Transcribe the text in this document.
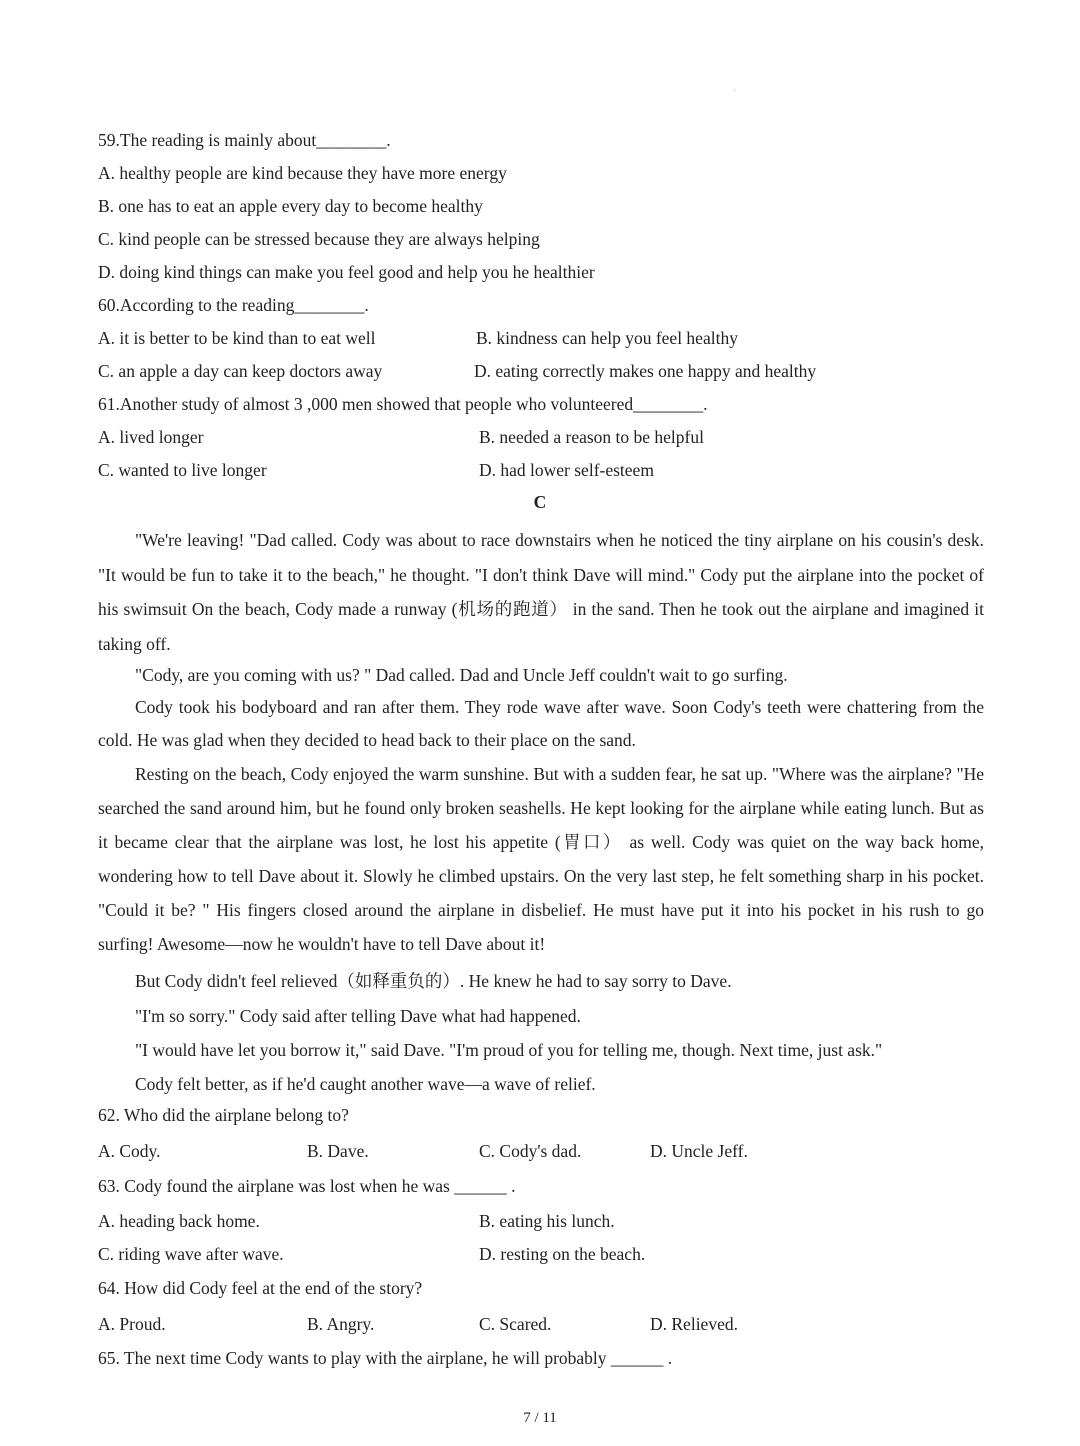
'
59.The reading is mainly about________.
A. healthy people are kind because they have more energy
B. one has to eat an apple every day to become healthy
C. kind people can be stressed because they are always helping
D. doing kind things can make you feel good and help you he healthier
60.According to the reading________.
A. it is better to be kind than to eat well	B. kindness can help you feel healthy
C. an apple a day can keep doctors away	D. eating correctly makes one happy and healthy
61.Another study of almost 3 ,000 men showed that people who volunteered________.
A. lived longer	B. needed a reason to be helpful
C. wanted to live longer	D. had lower self-esteem
C

"We're leaving! "Dad called. Cody was about to race downstairs when he noticed the tiny airplane on his cousin's desk. "It would be fun to take it to the beach," he thought. "I don't think Dave will mind." Cody put the airplane into the pocket of his swimsuit On the beach, Cody made a runway (机场的跑道） in the sand. Then he took out the airplane and imagined it taking off.

"Cody, are you coming with us? " Dad called. Dad and Uncle Jeff couldn't wait to go surfing.

Cody took his bodyboard and ran after them. They rode wave after wave. Soon Cody's teeth were chattering from the cold. He was glad when they decided to head back to their place on the sand.

Resting on the beach, Cody enjoyed the warm sunshine. But with a sudden fear, he sat up. "Where was the airplane? "He searched the sand around him, but he found only broken seashells. He kept looking for the airplane while eating lunch. But as it became clear that the airplane was lost, he lost his appetite (胃口） as well. Cody was quiet on the way back home, wondering how to tell Dave about it. Slowly he climbed upstairs. On the very last step, he felt something sharp in his pocket. "Could it be? " His fingers closed around the airplane in disbelief. He must have put it into his pocket in his rush to go surfing! Awesome—now he wouldn't have to tell Dave about it!

But Cody didn't feel relieved（如释重负的）. He knew he had to say sorry to Dave.

"I'm so sorry." Cody said after telling Dave what had happened.

"I would have let you borrow it," said Dave. "I'm proud of you for telling me, though. Next time, just ask."

Cody felt better, as if he'd caught another wave—a wave of relief.

62. Who did the airplane belong to?
A. Cody.	B. Dave.	C. Cody's dad.	D. Uncle Jeff.
63. Cody found the airplane was lost when he was ______ .
A. heading back home.	B. eating his lunch.
C. riding wave after wave.	D. resting on the beach.
64. How did Cody feel at the end of the story?
A. Proud.	B. Angry.	C. Scared.	D. Relieved.
65. The next time Cody wants to play with the airplane, he will probably ______ .
7 / 11
